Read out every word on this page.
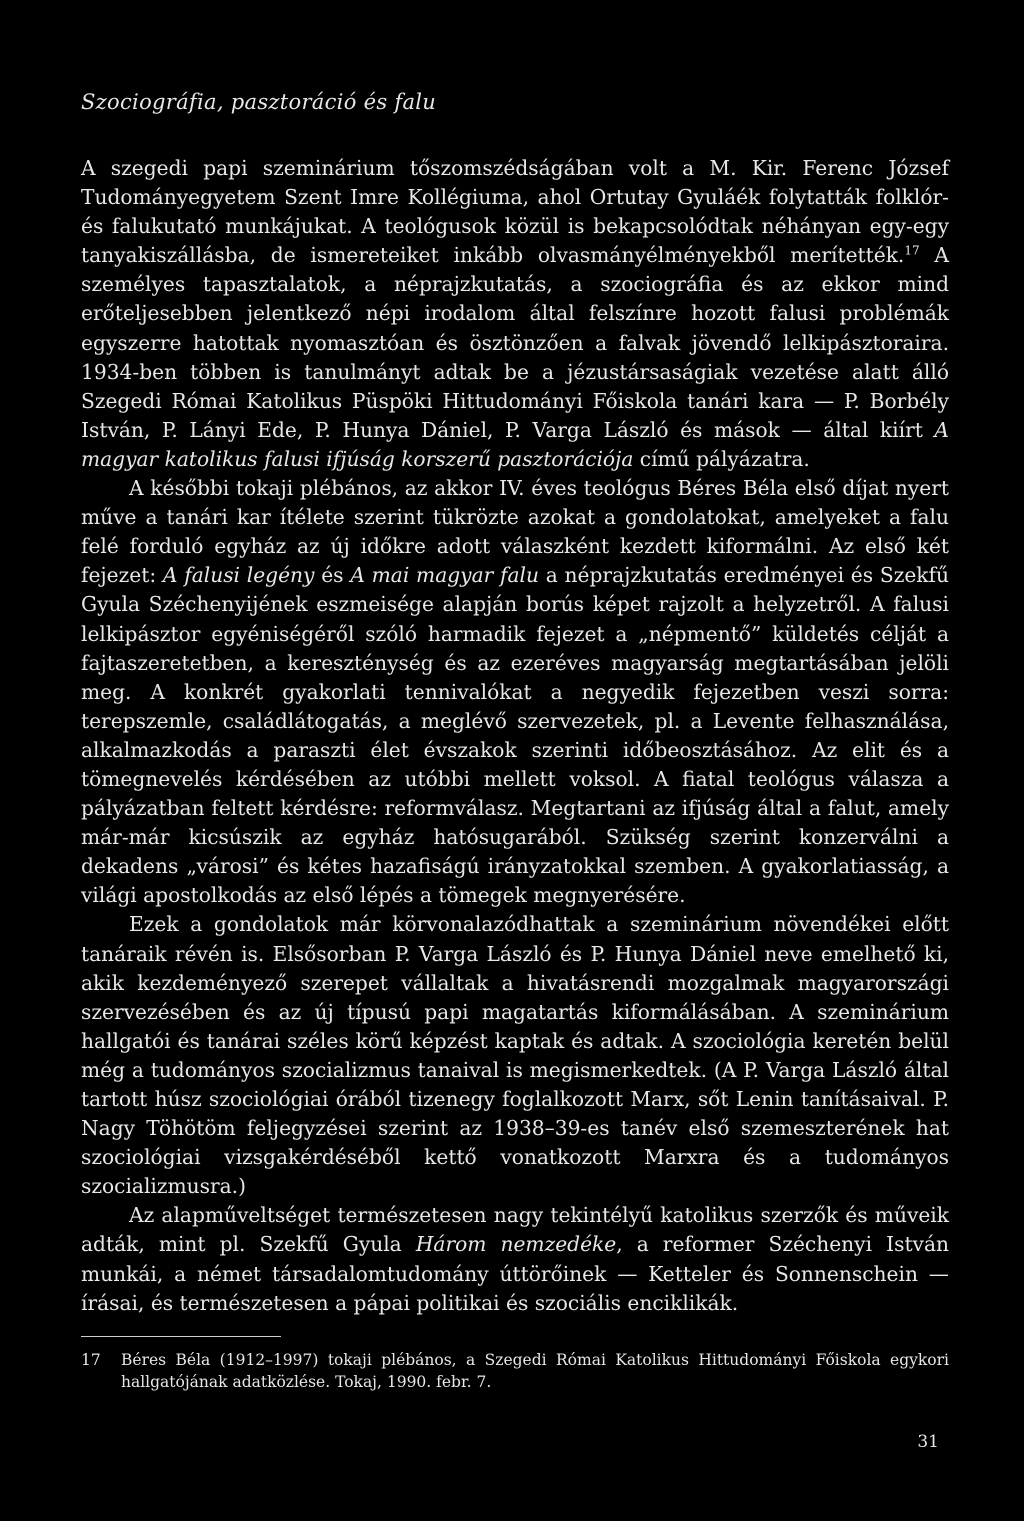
Szociográfia, pasztoráció és falu

A szegedi papi szeminárium tőszomszédságában volt a M. Kir. Ferenc József Tudományegyetem Szent Imre Kollégiuma, ahol Ortutay Gyuláék folytatták folklór- és falukutató munkájukat. A teológusok közül is bekapcsolódtak néhányan egy-egy tanyakiszállásba, de ismereteiket inkább olvasmányélményekből merítették.$^{17}$ A személyes tapasztalatok, a néprajzkutatás, a szociográfia és az ekkor mind erőteljesebben jelentkező népi irodalom által felszínre hozott falusi problémák egyszerre hatottak nyomasztóan és ösztönzően a falvak jövendő lelkipásztoraira. 1934-ben többen is tanulmányt adtak be a jézustársaságiak vezetése alatt álló Szegedi Római Katolikus Püspöki Hittudományi Főiskola tanári kara — P. Borbély István, P. Lányi Ede, P. Hunya Dániel, P. Varga László és mások — által kiírt A magyar katolikus falusi ifjúság korszerű pasztorációja című pályázatra.

A későbbi tokaji plébános, az akkor IV. éves teológus Béres Béla első díjat nyert műve a tanári kar ítélete szerint tükrözte azokat a gondolatokat, amelyeket a falu felé forduló egyház az új időkre adott válaszként kezdett kiformálni. Az első két fejezet: A falusi legény és A mai magyar falu a néprajzkutatás eredményei és Szekfű Gyula Széchenyijének eszmeisége alapján borús képet rajzolt a helyzetről. A falusi lelkipásztor egyéniségéről szóló harmadik fejezet a „népmentő” küldetés célját a fajtaszeretetben, a kereszténység és az ezeréves magyarság megtartásában jelöli meg. A konkrét gyakorlati tennivalókat a negyedik fejezetben veszi sorra: terepszemle, családlátogatás, a meglévő szervezetek, pl. a Levente felhasználása, alkalmazkodás a paraszti élet évszakok szerinti időbeosztásához. Az elit és a tömegnevelés kérdésében az utóbbi mellett voksol. A fiatal teológus válasza a pályázatban feltett kérdésre: reformválasz. Megtartani az ifjúság által a falut, amely már-már kicsúszik az egyház hatósugarából. Szükség szerint konzerválni a dekadens „városi” és kétes hazafiságú irányzatokkal szemben. A gyakorlatiasság, a világi apostolkodás az első lépés a tömegek megnyerésére.

Ezek a gondolatok már körvonalazódhattak a szeminárium növendékei előtt tanáraik révén is. Elsősorban P. Varga László és P. Hunya Dániel neve emelhető ki, akik kezdeményező szerepet vállaltak a hivatásrendi mozgalmak magyarországi szervezésében és az új típusú papi magatartás kiformálásában. A szeminárium hallgatói és tanárai széles körű képzést kaptak és adtak. A szociológia keretén belül még a tudományos szocializmus tanaival is megismerkedtek. (A P. Varga László által tartott húsz szociológiai órából tizenegy foglalkozott Marx, sőt Lenin tanításaival. P. Nagy Töhötöm feljegyzései szerint az 1938–39-es tanév első szemeszterének hat szociológiai vizsgakérdéséből kettő vonatkozott Marxra és a tudományos szocializmusra.)

Az alapműveltséget természetesen nagy tekintélyű katolikus szerzők és műveik adták, mint pl. Szekfű Gyula Három nemzedéke, a reformer Széchenyi István munkái, a német társadalomtudomány úttörőinek — Ketteler és Sonnenschein — írásai, és természetesen a pápai politikai és szociális enciklikák.

17	Béres Béla (1912–1997) tokaji plébános, a Szegedi Római Katolikus Hittudományi Főiskola egykori hallgatójának adatközlése. Tokaj, 1990. febr. 7.
31
